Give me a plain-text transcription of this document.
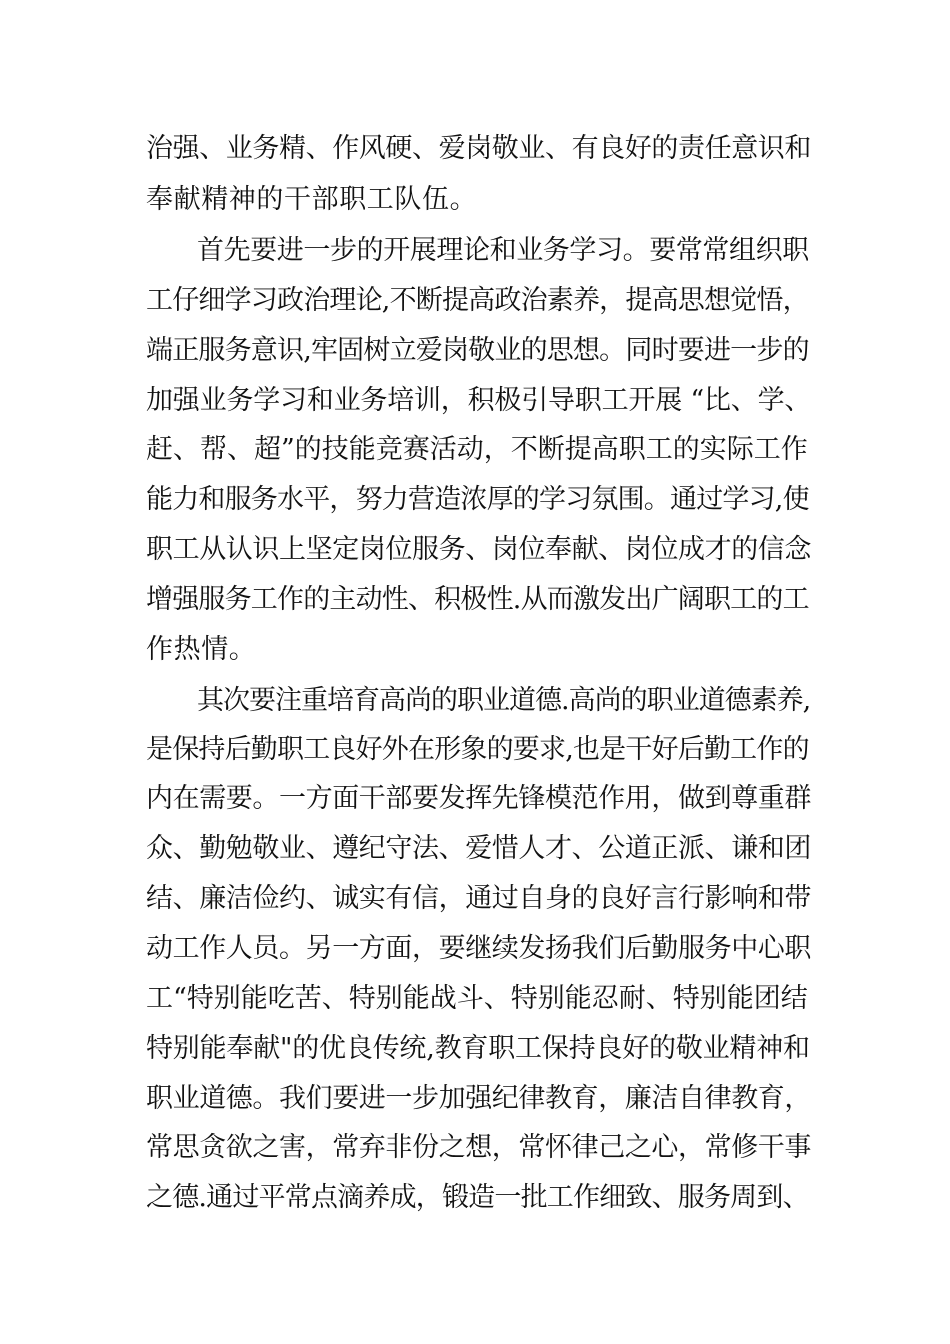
治强、业务精、作风硬、爱岗敬业、有良好的责任意识和
奉献精神的干部职工队伍。
首先要进一步的开展理论和业务学习。要常常组织职
工仔细学习政治理论,不断提高政治素养，提高思想觉悟，
端正服务意识,牢固树立爱岗敬业的思想。同时要进一步的
加强业务学习和业务培训，积极引导职工开展 “比、学、
赶、帮、超”的技能竞赛活动，不断提高职工的实际工作
能力和服务水平，努力营造浓厚的学习氛围。通过学习,使
职工从认识上坚定岗位服务、岗位奉献、岗位成才的信念
增强服务工作的主动性、积极性.从而激发出广阔职工的工
作热情。
其次要注重培育高尚的职业道德.高尚的职业道德素养,
是保持后勤职工良好外在形象的要求,也是干好后勤工作的
内在需要。一方面干部要发挥先锋模范作用，做到尊重群
众、勤勉敬业、遵纪守法、爱惜人才、公道正派、谦和团
结、廉洁俭约、诚实有信，通过自身的良好言行影响和带
动工作人员。另一方面，要继续发扬我们后勤服务中心职
工“特别能吃苦、特别能战斗、特别能忍耐、特别能团结
特别能奉献"的优良传统,教育职工保持良好的敬业精神和
职业道德。我们要进一步加强纪律教育，廉洁自律教育，
常思贪欲之害，常弃非份之想，常怀律己之心，常修干事
之德.通过平常点滴养成，锻造一批工作细致、服务周到、
